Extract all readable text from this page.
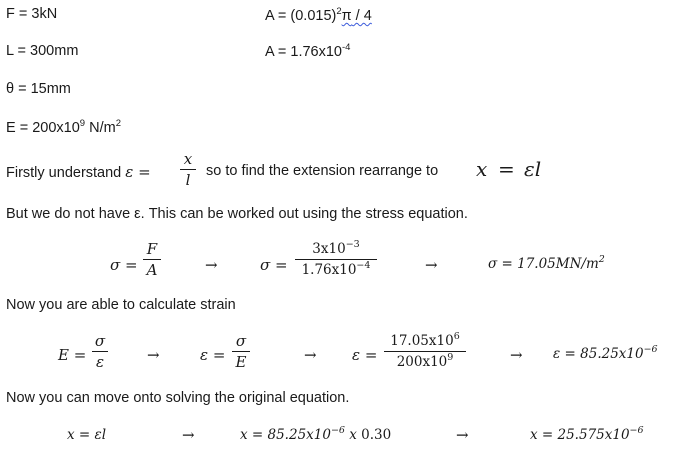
F = 3kN
L = 300mm
θ = 15mm
$E = 200x10^9$ $N/m^2$
$A = (0.015)^2\pi / 4$
$A = 1.76x10^{-4}$
Firstly understand ε =
x
l	so to find the extension rearrange to x = εl
But we do not have ε. This can be worked out using the stress equation.
σ =
F
A	→	σ =
$3x10^{-3}$
$1.76x10^{-4}$	→	$\sigma = 17.05MN/m^2$
Now you are able to calculate strain
E =
σ
ε	→	ε =
σ
E	→ ε =
$17.05x10^6$
$200x10^9$	→ $\varepsilon = 85.25x10^{-6}$
Now you can move onto solving the original equation.
x = εl	→	$x = 85.25x10^{-6}$ x 0.30	→	$x = 25.575x10^{-6}$
